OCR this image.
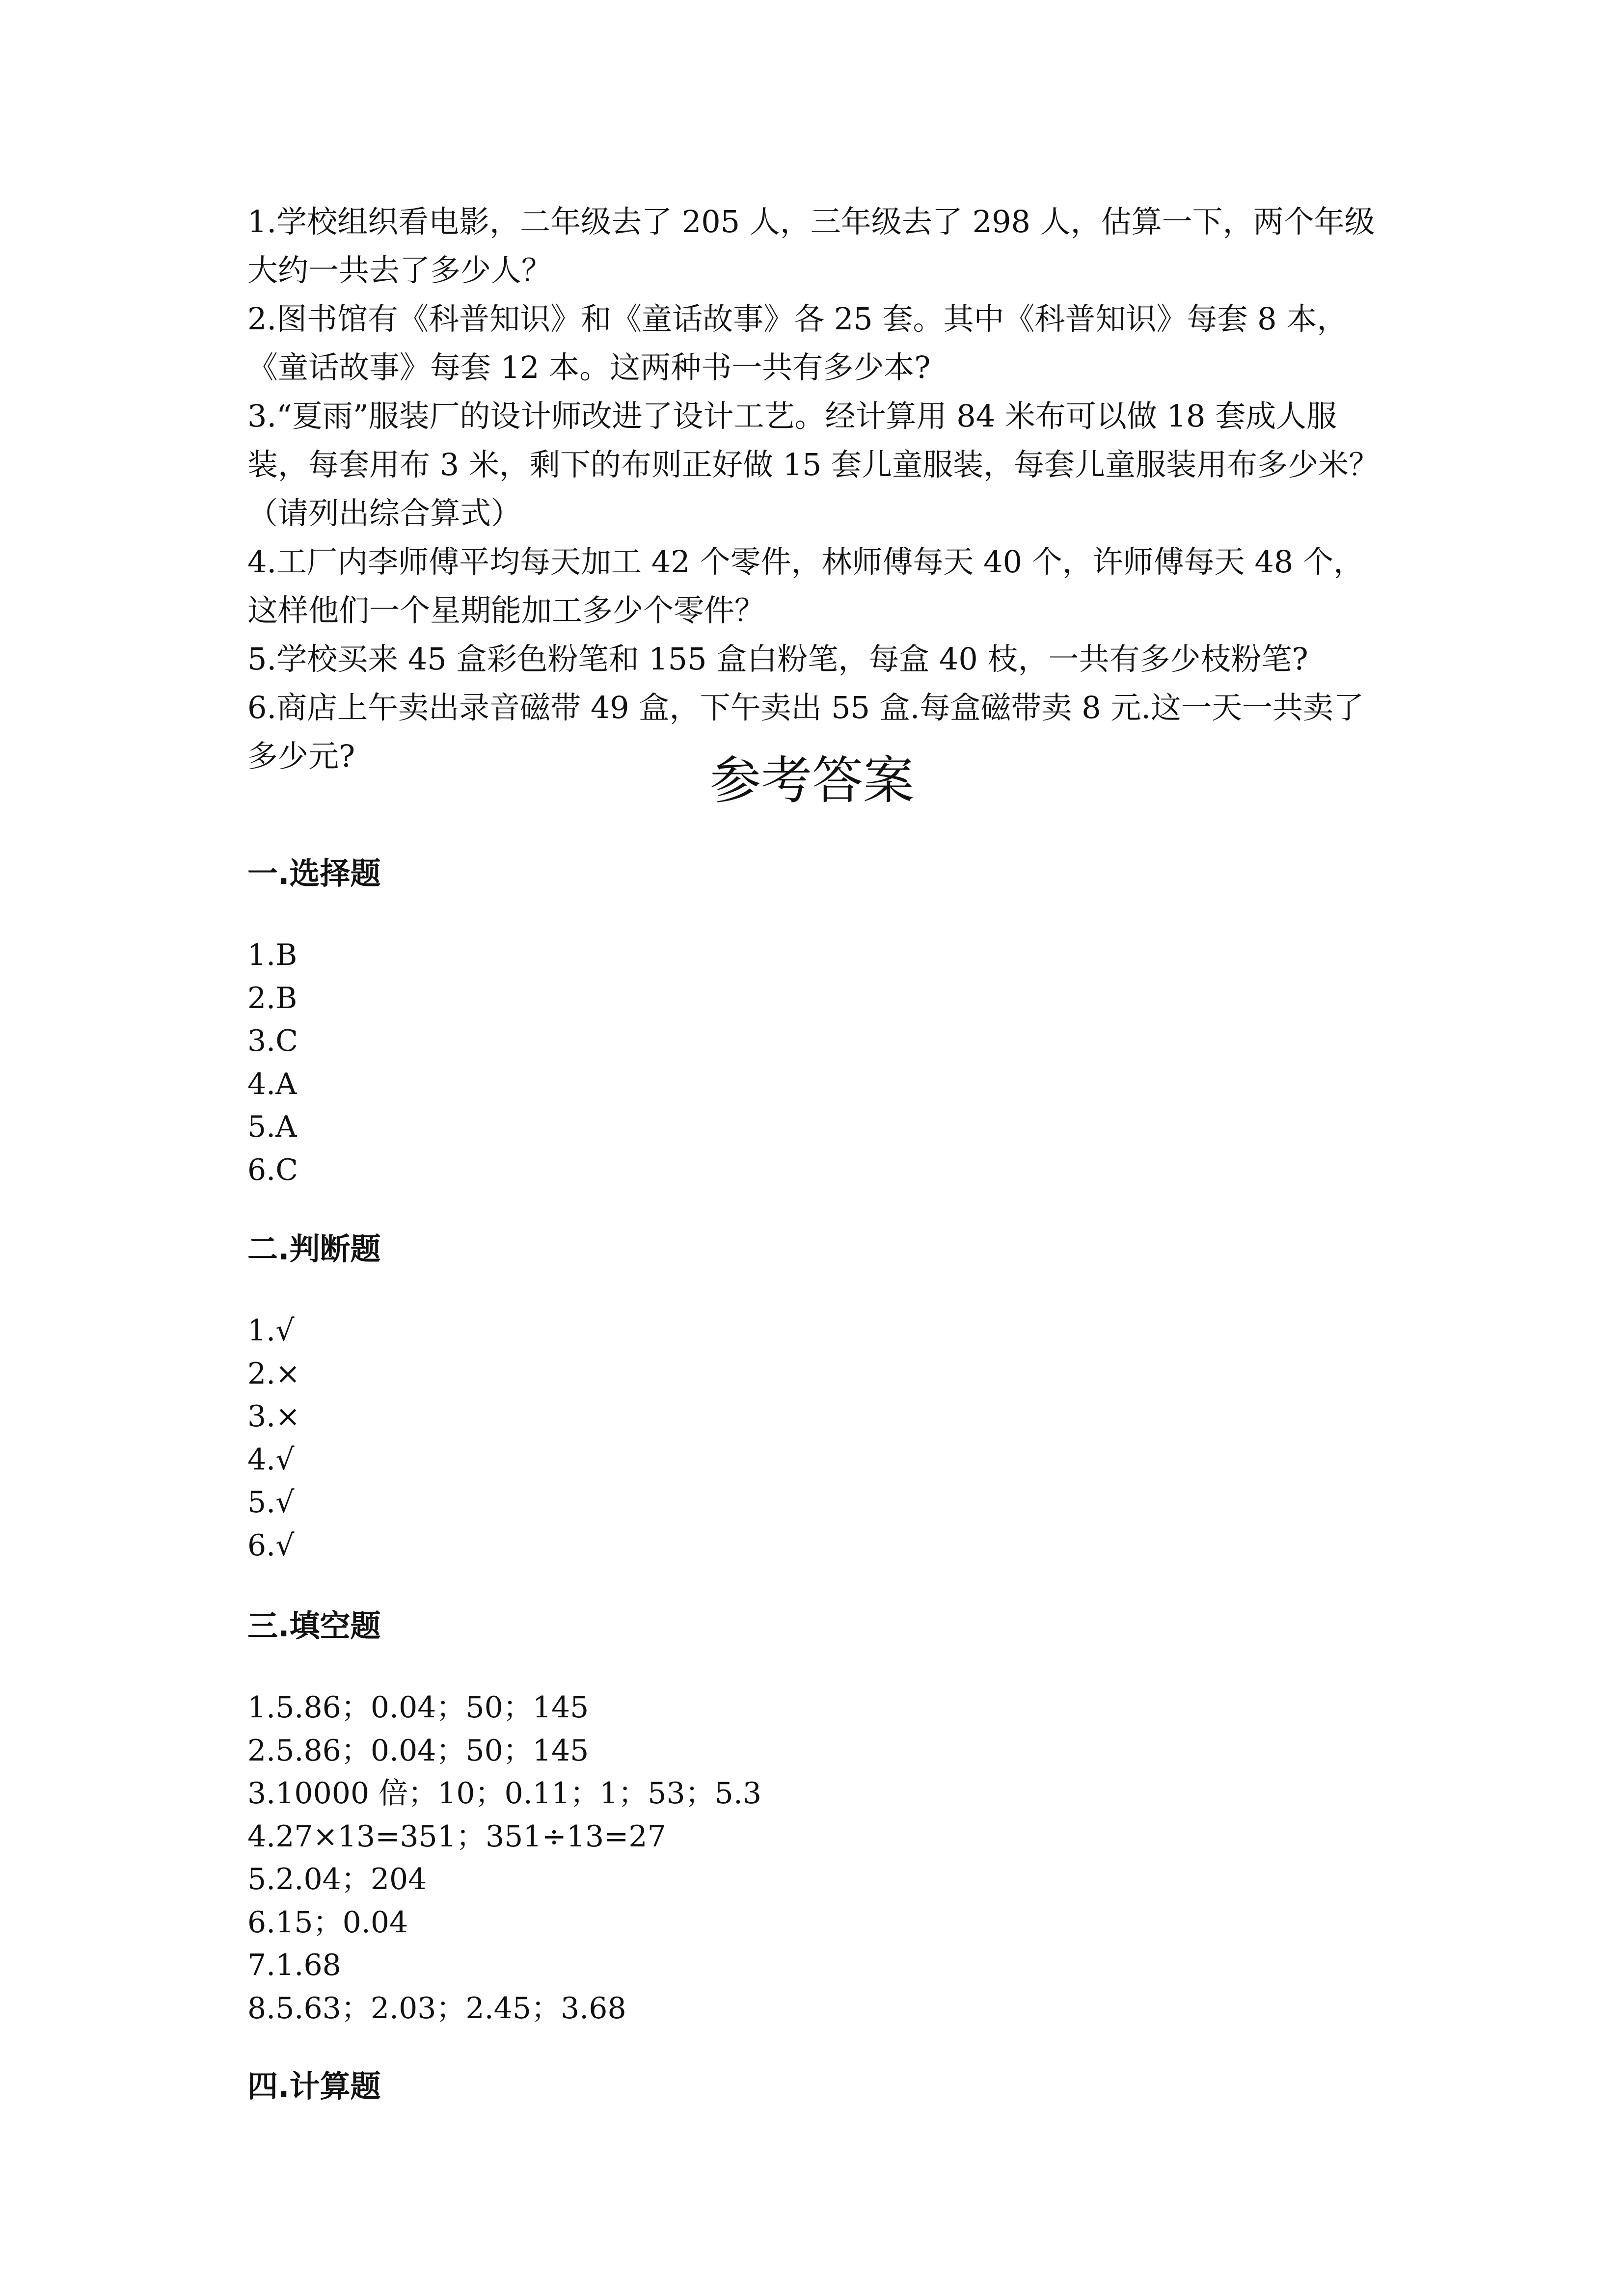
1.学校组织看电影，二年级去了 205 人，三年级去了 298 人，估算一下，两个年级大约一共去了多少人？
2.图书馆有《科普知识》和《童话故事》各 25 套。其中《科普知识》每套 8 本，《童话故事》每套 12 本。这两种书一共有多少本?
3.“夏雨”服装厂的设计师改进了设计工艺。经计算用 84 米布可以做 18 套成人服装，每套用布 3 米，剩下的布则正好做 15 套儿童服装，每套儿童服装用布多少米？（请列出综合算式）
4.工厂内李师傅平均每天加工 42 个零件，林师傅每天 40 个，许师傅每天 48 个，这样他们一个星期能加工多少个零件？
5.学校买来 45 盒彩色粉笔和 155 盒白粉笔，每盒 40 枝，一共有多少枝粉笔?
6.商店上午卖出录音磁带 49 盒，下午卖出 55 盒.每盒磁带卖 8 元.这一天一共卖了多少元?	参考答案
一.选择题
1.B
2.B
3.C
4.A
5.A
6.C
二.判断题
1.√
2.×
3.×
4.√
5.√
6.√
三.填空题
1.5.86；0.04；50；145
2.5.86；0.04；50；145
3.10000 倍；10；0.11；1；53；5.3
4.27×13=351；351÷13=27
5.2.04；204
6.15；0.04
7.1.68
8.5.63；2.03；2.45；3.68
四.计算题
